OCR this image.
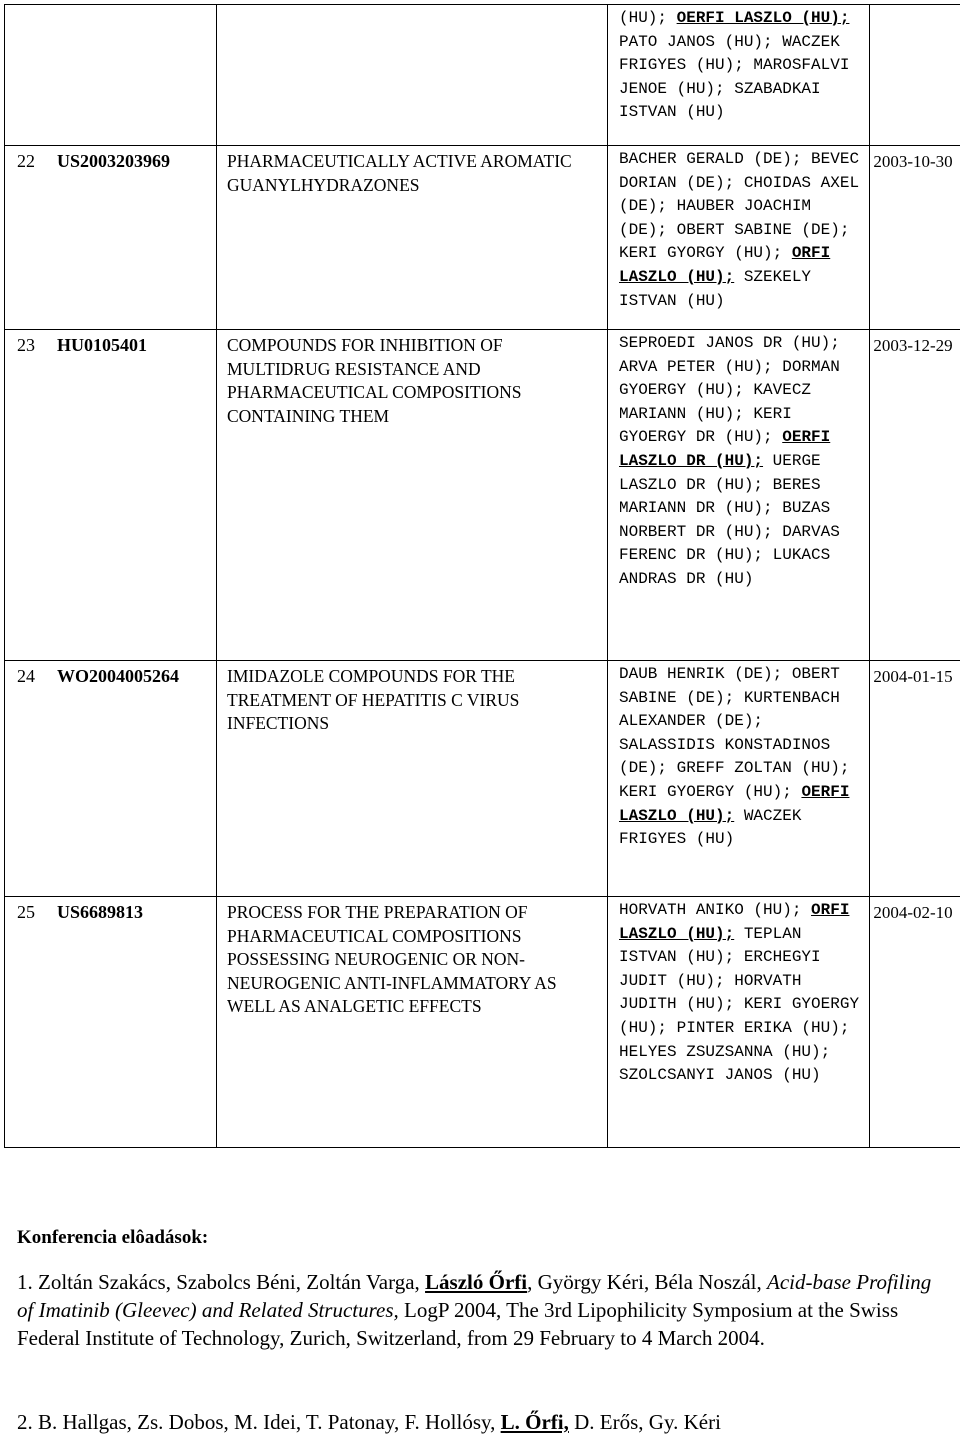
		(HU); OERFI LASZLO (HU); PATO JANOS (HU); WACZEK FRIGYES (HU); MAROSFALVI JENOE (HU); SZABADKAI ISTVAN (HU)	

22 US2003203969	PHARMACEUTICALLY ACTIVE AROMATIC GUANYLHYDRAZONES	BACHER GERALD (DE); BEVEC DORIAN (DE); CHOIDAS AXEL (DE); HAUBER JOACHIM (DE); OBERT SABINE (DE); KERI GYORGY (HU); ORFI LASZLO (HU); SZEKELY ISTVAN (HU)	2003-10-30

23 HU0105401	COMPOUNDS FOR INHIBITION OF MULTIDRUG RESISTANCE AND PHARMACEUTICAL COMPOSITIONS CONTAINING THEM	SEPROEDI JANOS DR (HU); ARVA PETER (HU); DORMAN GYOERGY (HU); KAVECZ MARIANN (HU); KERI GYOERGY DR (HU); OERFI LASZLO DR (HU); UERGE LASZLO DR (HU); BERES MARIANN DR (HU); BUZAS NORBERT DR (HU); DARVAS FERENC DR (HU); LUKACS ANDRAS DR (HU)	2003-12-29

24 WO2004005264	IMIDAZOLE COMPOUNDS FOR THE TREATMENT OF HEPATITIS C VIRUS INFECTIONS	DAUB HENRIK (DE); OBERT SABINE (DE); KURTENBACH ALEXANDER (DE); SALASSIDIS KONSTADINOS (DE); GREFF ZOLTAN (HU); KERI GYOERGY (HU); OERFI LASZLO (HU); WACZEK FRIGYES (HU)	2004-01-15

25 US6689813	PROCESS FOR THE PREPARATION OF PHARMACEUTICAL COMPOSITIONS POSSESSING NEUROGENIC OR NON-NEUROGENIC ANTI-INFLAMMATORY AS WELL AS ANALGETIC EFFECTS	HORVATH ANIKO (HU); ORFI LASZLO (HU); TEPLAN ISTVAN (HU); ERCHEGYI JUDIT (HU); HORVATH JUDITH (HU); KERI GYOERGY (HU); PINTER ERIKA (HU); HELYES ZSUZSANNA (HU); SZOLCSANYI JANOS (HU)	2004-02-10
Konferencia elôadások:
1. Zoltán Szakács, Szabolcs Béni, Zoltán Varga, László Őrfi, György Kéri, Béla Noszál, Acid-base Profiling of Imatinib (Gleevec) and Related Structures, LogP 2004, The 3rd Lipophilicity Symposium at the Swiss Federal Institute of Technology, Zurich, Switzerland, from 29 February to 4 March 2004.
2. B. Hallgas, Zs. Dobos, M. Idei, T. Patonay, F. Hollósy, L. Őrfi, D. Erős, Gy. Kéri
